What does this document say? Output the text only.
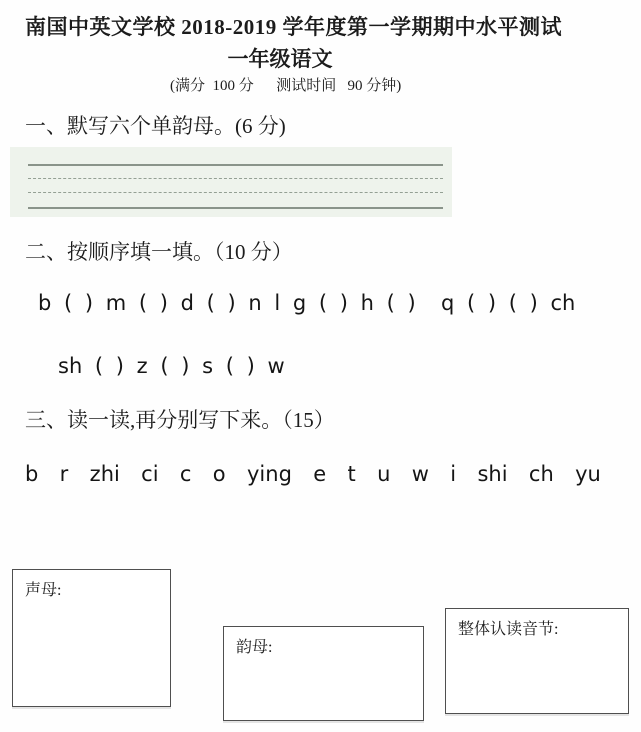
南国中英文学校 2018-2019 学年度第一学期期中水平测试
一年级语文
(满分  100 分      测试时间   90 分钟)
一、默写六个单韵母。(6 分)
二、按顺序填一填。（10 分）
b ( ) m ( ) d ( ) n l g ( ) h ( )  q ( ) ( ) ch
sh ( ) z ( ) s ( ) w
三、读一读,再分别写下来。（15）
b  r  zhi  ci  c  o  ying  e  t  u  w  i  shi  ch  yu
声母:
韵母:
整体认读音节:
